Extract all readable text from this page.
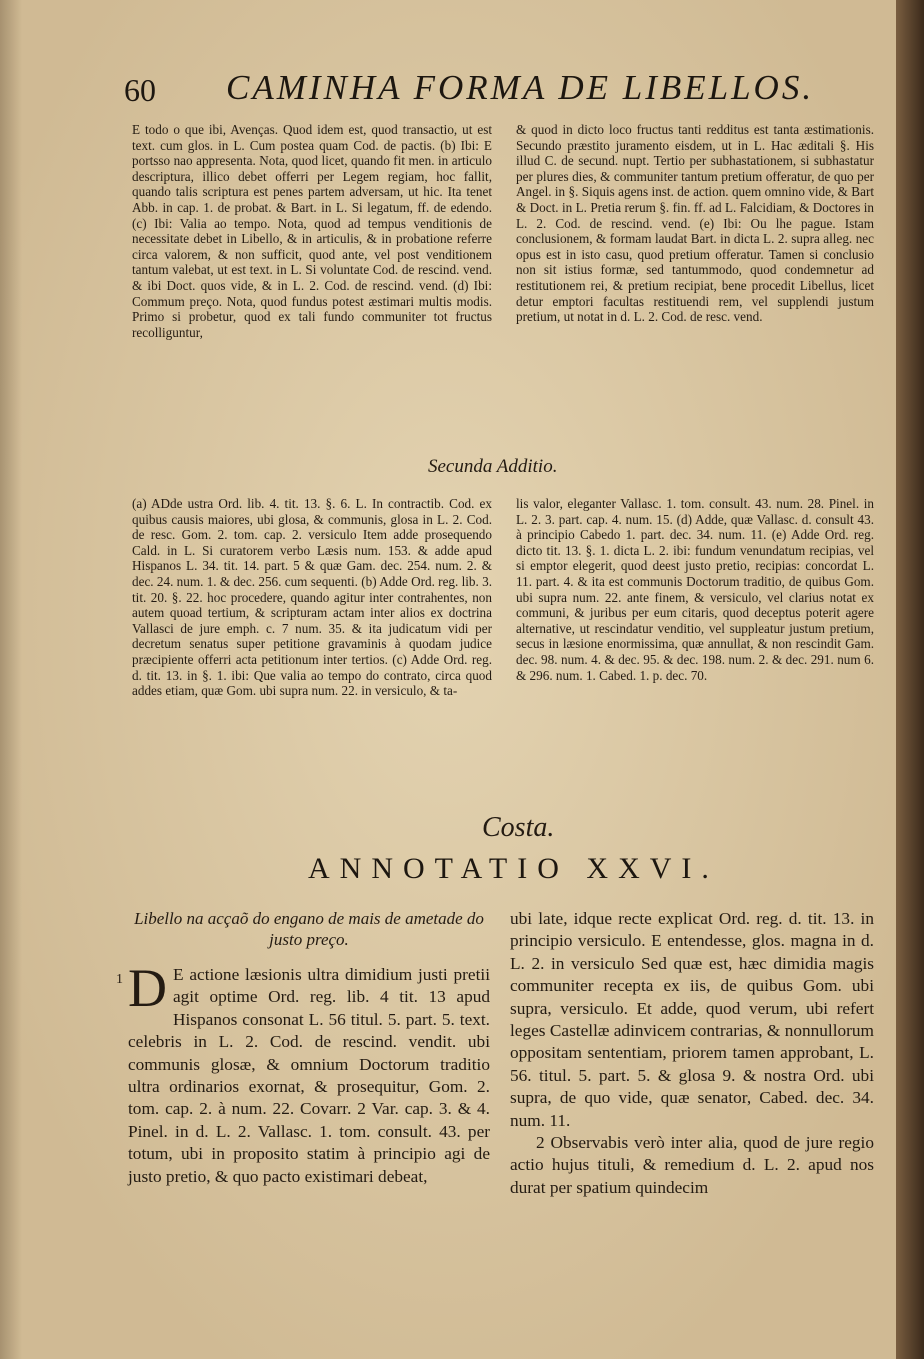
60 CAMINHA FORMA DE LIBELLOS.

E todo o que ibi, Avenças. Quod idem est, quod transactio, ut est text. cum glos. in L. Cum postea quam Cod. de pactis. (b) Ibi: E portsso nao appresenta. Nota, quod licet, quando fit men. in articulo descriptura, illico debet offerri per Legem regiam, hoc fallit, quando talis scriptura est penes partem adversam, ut hic. Ita tenet Abb. in cap. 1. de probat. & Bart. in L. Si legatum, ff. de edendo. (c) Ibi: Valia ao tempo. Nota, quod ad tempus venditionis de necessitate debet in Libello, & in articulis, & in probatione referre circa valorem, & non sufficit, quod ante, vel post venditionem tantum valebat, ut est text. in L. Si voluntate Cod. de rescind. vend. & ibi Doct. quos vide, & in L. 2. Cod. de rescind. vend. (d) Ibi: Commum preço. Nota, quod fundus potest æstimari multis modis. Primo si probetur, quod ex tali fundo communiter tot fructus recolliguntur,

& quod in dicto loco fructus tanti redditus est tanta æstimationis. Secundo præstito juramento eisdem, ut in L. Hac æditali §. His illud C. de secund. nupt. Tertio per subhastationem, si subhastatur per plures dies, & communiter tantum pretium offeratur, de quo per Angel. in §. Siquis agens inst. de action. quem omnino vide, & Bart & Doct. in L. Pretia rerum §. fin. ff. ad L. Falcidiam, & Doctores in L. 2. Cod. de rescind. vend. (e) Ibi: Ou lhe pague. Istam conclusionem, & formam laudat Bart. in dicta L. 2. supra alleg. nec opus est in isto casu, quod pretium offeratur. Tamen si conclusio non sit istius formæ, sed tantummodo, quod condemnetur ad restitutionem rei, & pretium recipiat, bene procedit Libellus, licet detur emptori facultas restituendi rem, vel supplendi justum pretium, ut notat in d. L. 2. Cod. de resc. vend.

Secunda Additio.

(a) ADde ustra Ord. lib. 4. tit. 13. §. 6. L. In contractib. Cod. ex quibus causis maiores, ubi glosa, & communis, glosa in L. 2. Cod. de resc. Gom. 2. tom. cap. 2. versiculo Item adde prosequendo Cald. in L. Si curatorem verbo Læsis num. 153. & adde apud Hispanos L. 34. tit. 14. part. 5 & quæ Gam. dec. 254. num. 2. & dec. 24. num. 1. & dec. 256. cum sequenti. (b) Adde Ord. reg. lib. 3. tit. 20. §. 22. hoc procedere, quando agitur inter contrahentes, non autem quoad tertium, & scripturam actam inter alios ex doctrina Vallasci de jure emph. c. 7 num. 35. & ita judicatum vidi per decretum senatus super petitione gravaminis à quodam judice præcipiente offerri acta petitionum inter tertios. (c) Adde Ord. reg. d. tit. 13. in §. 1. ibi: Que valia ao tempo do contrato, circa quod addes etiam, quæ Gom. ubi supra num. 22. in versiculo, & ta-

lis valor, eleganter Vallasc. 1. tom. consult. 43. num. 28. Pinel. in L. 2. 3. part. cap. 4. num. 15. (d) Adde, quæ Vallasc. d. consult 43. à principio Cabedo 1. part. dec. 34. num. 11. (e) Adde Ord. reg. dicto tit. 13. §. 1. dicta L. 2. ibi: fundum venundatum recipias, vel si emptor elegerit, quod deest justo pretio, recipias: concordat L. 11. part. 4. & ita est communis Doctorum traditio, de quibus Gom. ubi supra num. 22. ante finem, & versiculo, vel clarius notat ex communi, & juribus per eum citaris, quod deceptus poterit agere alternative, ut rescindatur venditio, vel suppleatur justum pretium, secus in læsione enormissima, quæ annullat, & non rescindit Gam. dec. 98. num. 4. & dec. 95. & dec. 198. num. 2. & dec. 291. num 6. & 296. num. 1. Cabed. 1. p. dec. 70.

Costa.
ANNOTATIO XXVI.

Libello na acçaõ do engano de mais de ametade do justo preço.

D E actione læsionis ultra dimidium justi pretii agit optime Ord. reg. lib. 4 tit. 13 apud Hispanos consonat L. 56 titul. 5. part. 5. text. celebris in L. 2. Cod. de rescind. vendit. ubi communis glosæ, & omnium Doctorum traditio ultra ordinarios exornat, & prosequitur, Gom. 2. tom. cap. 2. à num. 22. Covarr. 2 Var. cap. 3. & 4. Pinel. in d. L. 2. Vallasc. 1. tom. consult. 43. per totum, ubi in proposito statim à principio agi de justo pretio, & quo pacto existimari debeat,

1

ubi late, idque recte explicat Ord. reg. d. tit. 13. in principio versiculo. E entendesse, glos. magna in d. L. 2. in versiculo Sed quæ est, hæc dimidia magis communiter recepta ex iis, de quibus Gom. ubi supra, versiculo. Et adde, quod verum, ubi refert leges Castellæ adinvicem contrarias, & nonnullorum oppositam sententiam, priorem tamen approbant, L. 56. titul. 5. part. 5. & glosa 9. & nostra Ord. ubi supra, de quo vide, quæ senator, Cabed. dec. 34. num. 11.

2 Observabis verò inter alia, quod de jure regio actio hujus tituli, & remedium d. L. 2. apud nos durat per spatium quindecim
